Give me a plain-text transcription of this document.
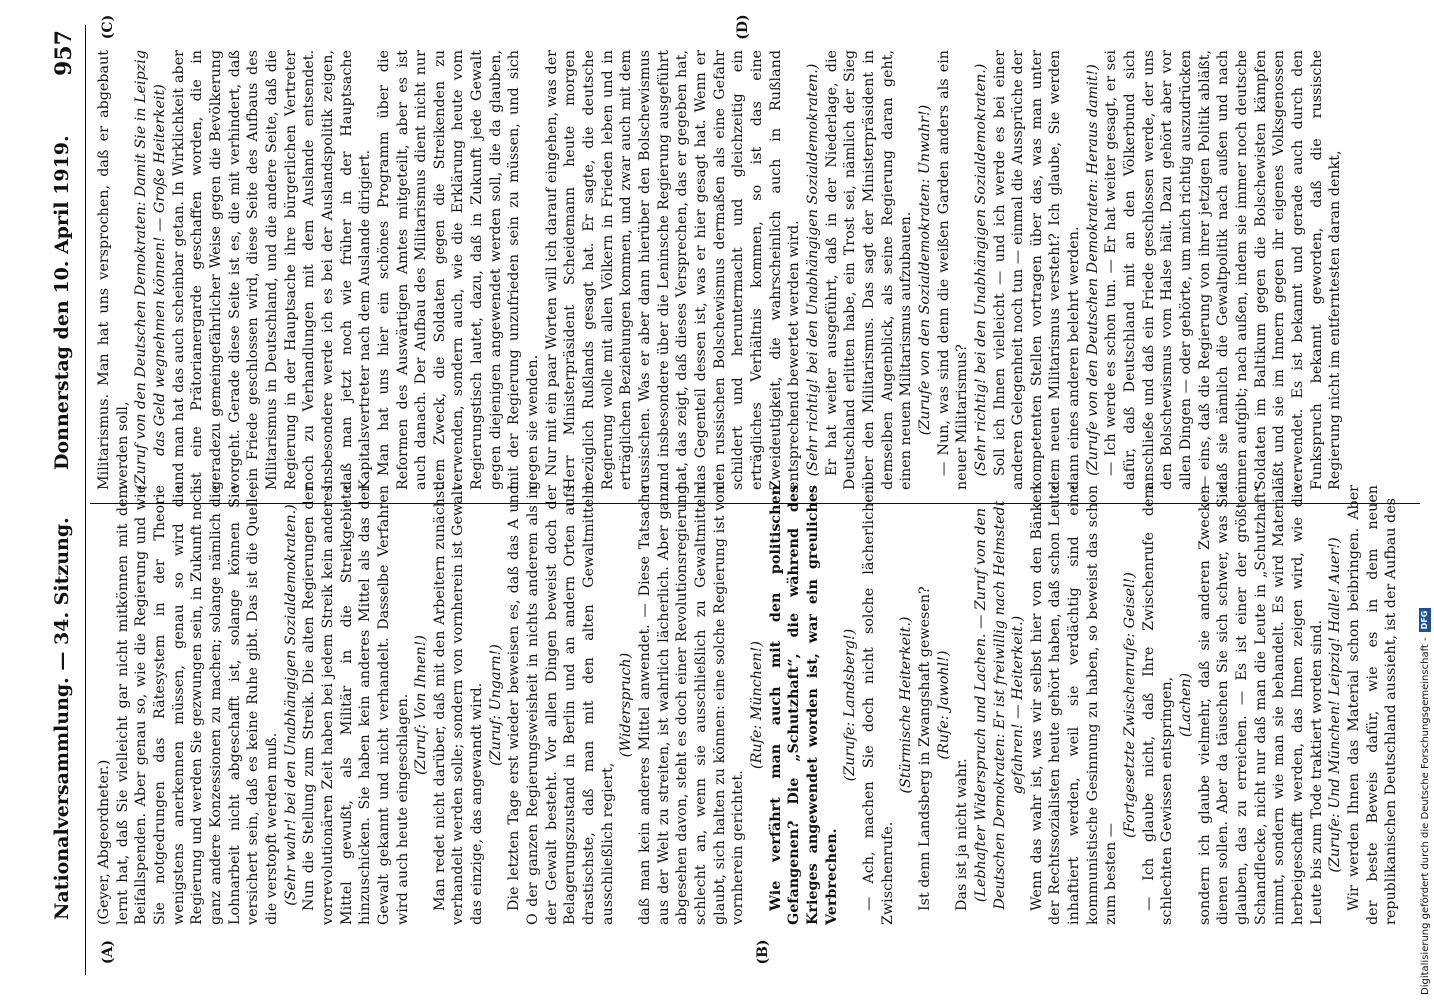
Nationalversammlung. — 34. Sitzung.
Donnerstag den 10. April 1919.
957
(A)	(B)
(C)	(D)

(Geyer, Abgeordneter.) lernt hat, daß Sie vielleicht gar nicht mitkönnen mit dem Beifallspenden. Aber genau so, wie die Regierung und wie Sie notgedrungen das Rätesystem in der Theorie wenigstens anerkennen müssen, genau so wird die Regierung und werden Sie gezwungen sein, in Zukunft noch ganz andere Konzessionen zu machen; solange nämlich die Lohnarbeit nicht abgeschafft ist, solange können Sie versichert sein, daß es keine Ruhe gibt. Das ist die Quelle, die verstopft werden muß. (Sehr wahr! bei den Unabhängigen Sozialdemokraten.) Nun die Stellung zum Streik. Die alten Regierungen der vorrevolutionären Zeit haben bei jedem Streik kein anderes Mittel gewußt, als Militär in die Streikgebiete hinzuschicken. Sie haben kein anderes Mittel als das der Gewalt gekannt und nicht verhandelt. Dasselbe Verfahren wird auch heute eingeschlagen. (Zuruf: Von Ihnen!) Man redet nicht darüber, daß mit den Arbeitern zunächst verhandelt werden solle; sondern von vornherein ist Gewalt das einzige, das angewandt wird. (Zuruf: Ungarn!) Die letzten Tage erst wieder beweisen es, daß das A und O der ganzen Regierungsweisheit in nichts anderem als in der Gewalt besteht. Vor allen Dingen beweist doch der Belagerungszustand in Berlin und an andern Orten aufs drastischste, daß man mit den alten Gewaltmitteln ausschließlich regiert,

(Widerspruch) daß man kein anderes Mittel anwendet. — Diese Tatsache aus der Welt zu streiten, ist wahrlich lächerlich. Aber ganz abgesehen davon, steht es doch einer Revolutionsregierung schlecht an, wenn sie ausschließlich zu Gewaltmitteln glaubt, sich halten zu können: eine solche Regierung ist von vornherein gerichtet.

(Rufe: München!) Wie verfährt man auch mit den politischen Gefangenen? Die „Schutzhaft“, die während des Krieges angewendet worden ist, war ein greuliches Verbrechen.

(Zurufe: Landsberg!) — Ach, machen Sie doch nicht solche lächerlichen Zwischenrufe.

(Stürmische Heiterkeit.) Ist denn Landsberg in Zwangshaft gewesen? (Rufe: Jawohl!)

Das ist ja nicht wahr. (Lebhafter Widerspruch und Lachen. — Zuruf von den Deutschen Demokraten: Er ist freiwillig nach Helmstedt gefahren! — Heiterkeit.) Wenn das wahr ist, was wir selbst hier von den Bänken der Rechtssozialisten heute gehört haben, daß schon Leute inhaftiert werden, weil sie verdächtig sind eine kommunistische Gesinnung zu haben, so beweist das schon zum besten —

(Fortgesetzte Zwischenrufe: Geisel!) — Ich glaube nicht, daß Ihre Zwischenrufe dem schlechten Gewissen entspringen, (Lachen) sondern ich glaube vielmehr, daß sie anderen Zwecken dienen sollen. Aber da täuschen Sie sich schwer, was Sie glauben, das zu erreichen. — Es ist einer der größten Schandflecke, nicht nur daß man die Leute in „Schutzhaft“ nimmt, sondern wie man sie behandelt. Es wird Material herbeigeschafft werden, das Ihnen zeigen wird, wie die Leute bis zum Tode traktiert worden sind. (Zurufe: Und München! Leipzig! Halle! Auer!) Wir werden Ihnen das Material schon beibringen. Aber der beste Beweis dafür, wie es in dem neuen republikanischen Deutschland aussieht, ist der Aufbau des

Militarismus. Man hat uns versprochen, daß er abgebaut werden soll, (Zuruf von den Deutschen Demokraten: Damit Sie in Leipzig das Geld wegnehmen können! — Große Heiterkeit) und man hat das auch scheinbar getan. In Wirklichkeit aber ist eine Prätorianergarde geschaffen worden, die in geradezu gemeingefährlicher Weise gegen die Bevölkerung vorgeht. Gerade diese Seite ist es, die mit verhindert, daß ein Friede geschlossen wird, diese Seite des Aufbaus des Militarismus in Deutschland, und die andere Seite, daß die Regierung in der Hauptsache ihre bürgerlichen Vertreter noch zu Verhandlungen mit dem Auslande entsendet. Insbesondere werde ich es bei der Auslandspolitik zeigen, daß man jetzt noch wie früher in der Hauptsache Kapitalsvertreter nach dem Auslande dirigiert. Man hat uns hier ein schönes Programm über die Reformen des Auswärtigen Amtes mitgeteilt, aber es ist auch danach. Der Aufbau des Militarismus dient nicht nur dem Zweck, die Soldaten gegen die Streikenden zu verwenden, sondern auch, wie die Erklärung heute vom Regierungstisch lautet, dazu, daß in Zukunft jede Gewalt gegen diejenigen angewendet werden soll, die da glauben, mit der Regierung unzufrieden sein zu müssen, und sich gegen sie wenden. Nur mit ein paar Worten will ich darauf eingehen, was der Herr Ministerpräsident Scheidemann heute morgen bezüglich Rußlands gesagt hat. Er sagte, die deutsche Regierung wolle mit allen Völkern in Frieden leben und in erträglichen Beziehungen kommen, und zwar auch mit dem russischen. Was er aber dann hierüber den Bolschewismus und insbesondere über die Leninsche Regierung ausgeführt hat, das zeigt, daß dieses Versprechen, das er gegeben hat, das Gegenteil dessen ist, was er hier gesagt hat. Wenn er den russischen Bolschewismus dermaßen als eine Gefahr schildert und heruntermacht und gleichzeitig ein erträgliches Verhältnis kommen, so ist das eine Zweideutigkeit, die wahrscheinlich auch in Rußland entsprechend bewertet werden wird. (Sehr richtig! bei den Unabhängigen Sozialdemokraten.) Er hat weiter ausgeführt, daß in der Niederlage, die Deutschland erlitten habe, ein Trost sei, nämlich der Sieg über den Militarismus. Das sagt der Ministerpräsident in demselben Augenblick, als seine Regierung daran geht, einen neuen Militarismus aufzubauen. (Zurufe von den Sozialdemokraten: Unwahr!) — Nun, was sind denn die weißen Garden anders als ein neuer Militarismus? (Sehr richtig! bei den Unabhängigen Sozialdemokraten.) Soll ich Ihnen vielleicht — und ich werde es bei einer anderen Gelegenheit noch tun — einmal die Aussprüche der kompetenten Stellen vortragen über das, was man unter dem neuen Militarismus versteht? Ich glaube, Sie werden dann eines anderen belehrt werden. (Zurufe von den Deutschen Demokraten: Heraus damit!) — Ich werde es schon tun. — Er hat weiter gesagt, er sei dafür, daß Deutschland mit an den Völkerbund sich anschließe und daß ein Friede geschlossen werde, der uns den Bolschewismus vom Halse hält. Dazu gehört aber vor allen Dingen — oder gehörte, um mich richtig auszudrücken — eins, daß die Regierung von ihrer jetzigen Politik abläßt, daß sie nämlich die Gewaltpolitik nach außen und nach innen aufgibt; nach außen, indem sie immer noch deutsche Soldaten im Baltikum gegen die Bolschewisten kämpfen läßt und sie im Innern gegen ihr eigenes Volksgenossen verwendet. Es ist bekannt und gerade auch durch den Funkspruch bekannt geworden, daß die russische Regierung nicht im entferntesten daran denkt,

Digitalisierung gefördert durch die Deutsche Forschungsgemeinschaft -
DFG
